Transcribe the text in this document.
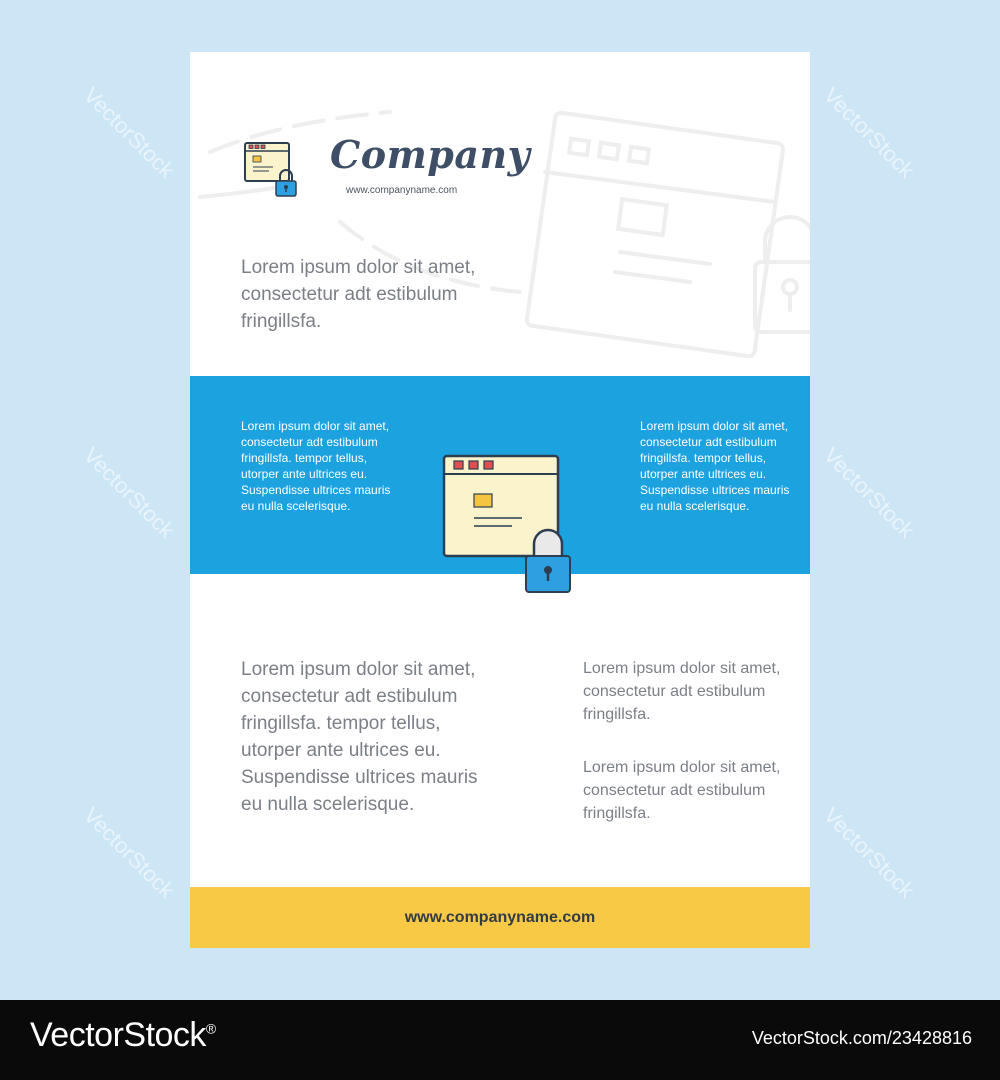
VectorStock	VectorStock
VectorStock	VectorStock
VectorStock	VectorStock
Company
www.companyname.com
Lorem ipsum dolor sit amet, consectetur adt estibulum fringillsfa.
Lorem ipsum dolor sit amet, consectetur adt estibulum fringillsfa. tempor tellus, utorper ante ultrices eu. Suspendisse ultrices mauris eu nulla scelerisque.
Lorem ipsum dolor sit amet, consectetur adt estibulum fringillsfa. tempor tellus, utorper ante ultrices eu. Suspendisse ultrices mauris eu nulla scelerisque.
Lorem ipsum dolor sit amet, consectetur adt estibulum fringillsfa. tempor tellus, utorper ante ultrices eu. Suspendisse ultrices mauris eu nulla scelerisque.
Lorem ipsum dolor sit amet, consectetur adt estibulum fringillsfa.
Lorem ipsum dolor sit amet, consectetur adt estibulum fringillsfa.
www.companyname.com
VectorStock®	VectorStock.com/23428816
